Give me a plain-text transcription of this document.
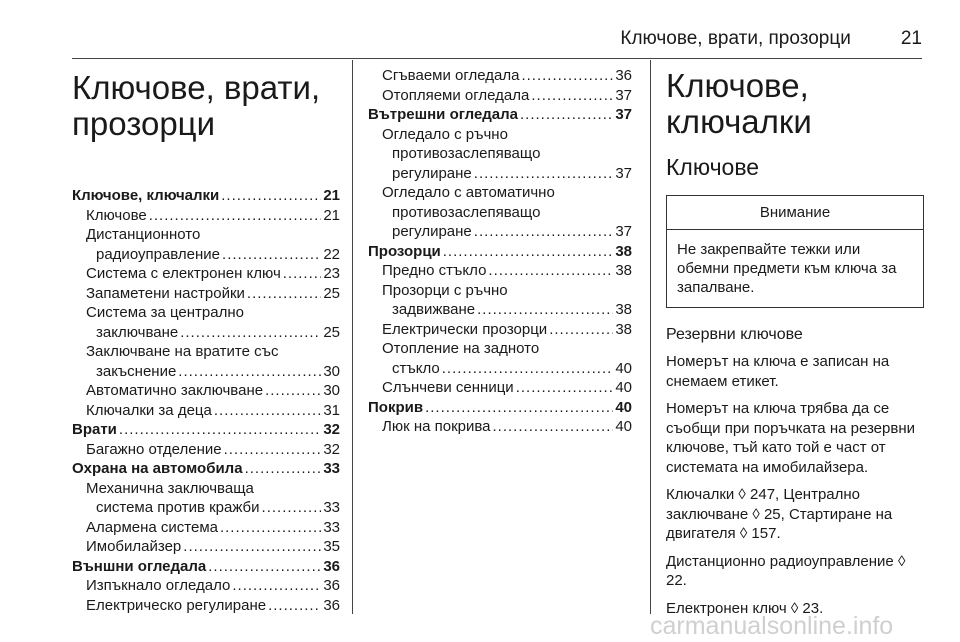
Ключове, врати, прозорци	21
Ключове, врати,
прозорци
Ключове, ключалки .....	21
Ключове .....	21
Дистанционното
радиоуправление .....	22
Система с електронен ключ .....	23
Запаметени настройки .....	25
Система за централно
заключване .....	25
Заключване на вратите със
закъснение .....	30
Автоматично заключване .....	30
Ключалки за деца .....	31
Врати .....	32
Багажно отделение .....	32
Охрана на автомобила .....	33
Механична заключваща
система против кражби .....	33
Алармена система .....	33
Имобилайзер .....	35
Външни огледала .....	36
Изпъкнало огледало .....	36
Електрическо регулиране .....	36
Сгъваеми огледала .....	36
Отопляеми огледала .....	37
Вътрешни огледала .....	37
Огледало с ръчно
противозаслепяващо
регулиране .....	37
Огледало с автоматично
противозаслепяващо
регулиране .....	37
Прозорци .....	38
Предно стъкло .....	38
Прозорци с ръчно
задвижване .....	38
Електрически прозорци .....	38
Отопление на задното
стъкло .....	40
Слънчеви сенници .....	40
Покрив .....	40
Люк на покрива .....	40
Ключове, ключалки
Ключове
Внимание
Не закрепвайте тежки или обемни предмети към ключа за запалване.
Резервни ключове

Номерът на ключа е записан на снемаем етикет.

Номерът на ключа трябва да се съобщи при поръчката на резервни ключове, тъй като той е част от системата на имобилайзера.

Ключалки ◊ 247, Централно заключване ◊ 25, Стартиране на двигателя ◊ 157.

Дистанционно радиоуправление ◊ 22.

Електронен ключ ◊ 23.

carmanualsonline.info
